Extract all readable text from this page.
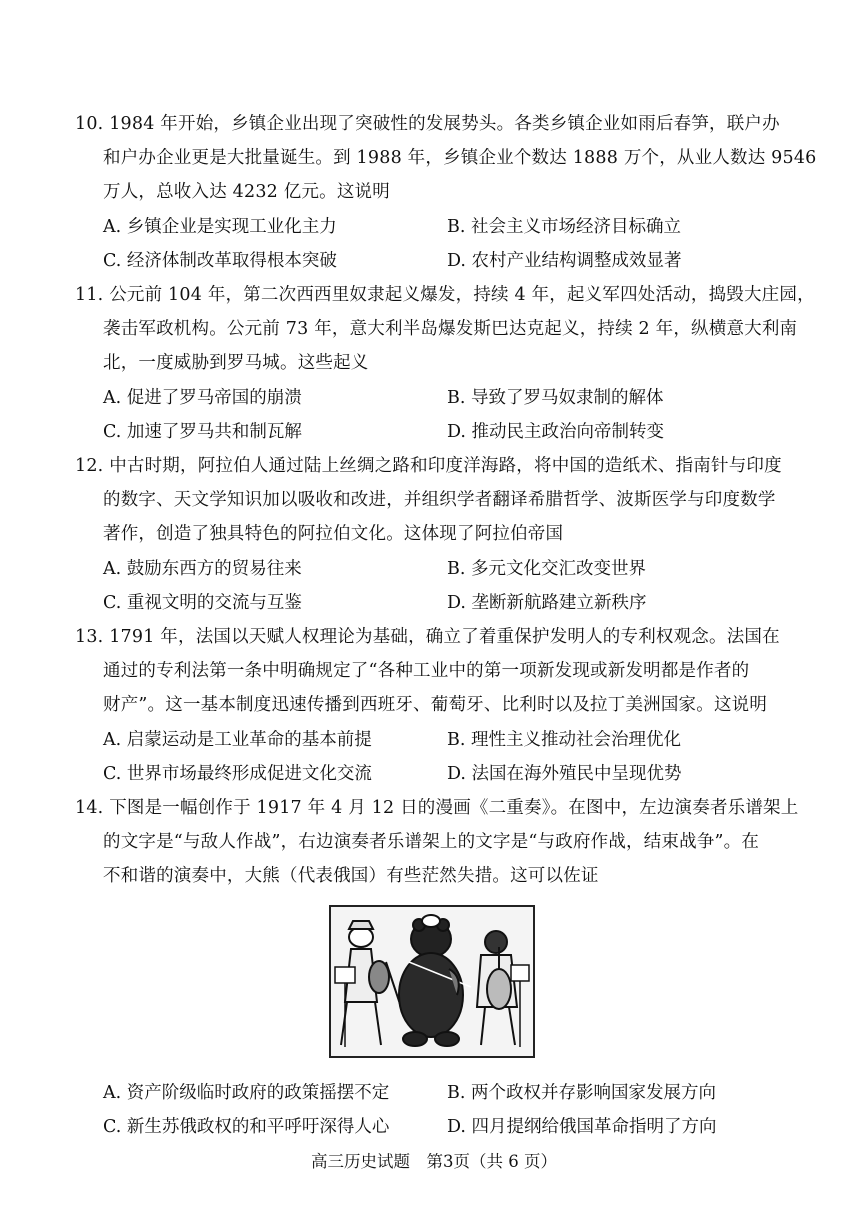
10. 1984 年开始，乡镇企业出现了突破性的发展势头。各类乡镇企业如雨后春笋，联户办
和户办企业更是大批量诞生。到 1988 年，乡镇企业个数达 1888 万个，从业人数达 9546
万人，总收入达 4232 亿元。这说明
A. 乡镇企业是实现工业化主力	B. 社会主义市场经济目标确立
C. 经济体制改革取得根本突破	D. 农村产业结构调整成效显著
11. 公元前 104 年，第二次西西里奴隶起义爆发，持续 4 年，起义军四处活动，捣毁大庄园，
袭击军政机构。公元前 73 年，意大利半岛爆发斯巴达克起义，持续 2 年，纵横意大利南
北，一度威胁到罗马城。这些起义
A. 促进了罗马帝国的崩溃	B. 导致了罗马奴隶制的解体
C. 加速了罗马共和制瓦解	D. 推动民主政治向帝制转变
12. 中古时期，阿拉伯人通过陆上丝绸之路和印度洋海路，将中国的造纸术、指南针与印度
的数字、天文学知识加以吸收和改进，并组织学者翻译希腊哲学、波斯医学与印度数学
著作，创造了独具特色的阿拉伯文化。这体现了阿拉伯帝国
A. 鼓励东西方的贸易往来	B. 多元文化交汇改变世界
C. 重视文明的交流与互鉴	D. 垄断新航路建立新秩序
13. 1791 年，法国以天赋人权理论为基础，确立了着重保护发明人的专利权观念。法国在
通过的专利法第一条中明确规定了“各种工业中的第一项新发现或新发明都是作者的
财产”。这一基本制度迅速传播到西班牙、葡萄牙、比利时以及拉丁美洲国家。这说明
A. 启蒙运动是工业革命的基本前提	B. 理性主义推动社会治理优化
C. 世界市场最终形成促进文化交流	D. 法国在海外殖民中呈现优势
14. 下图是一幅创作于 1917 年 4 月 12 日的漫画《二重奏》。在图中，左边演奏者乐谱架上
的文字是“与敌人作战”，右边演奏者乐谱架上的文字是“与政府作战，结束战争”。在
不和谐的演奏中，大熊（代表俄国）有些茫然失措。这可以佐证
A. 资产阶级临时政府的政策摇摆不定	B. 两个政权并存影响国家发展方向
C. 新生苏俄政权的和平呼吁深得人心	D. 四月提纲给俄国革命指明了方向
高三历史试题　第3页（共 6 页）
